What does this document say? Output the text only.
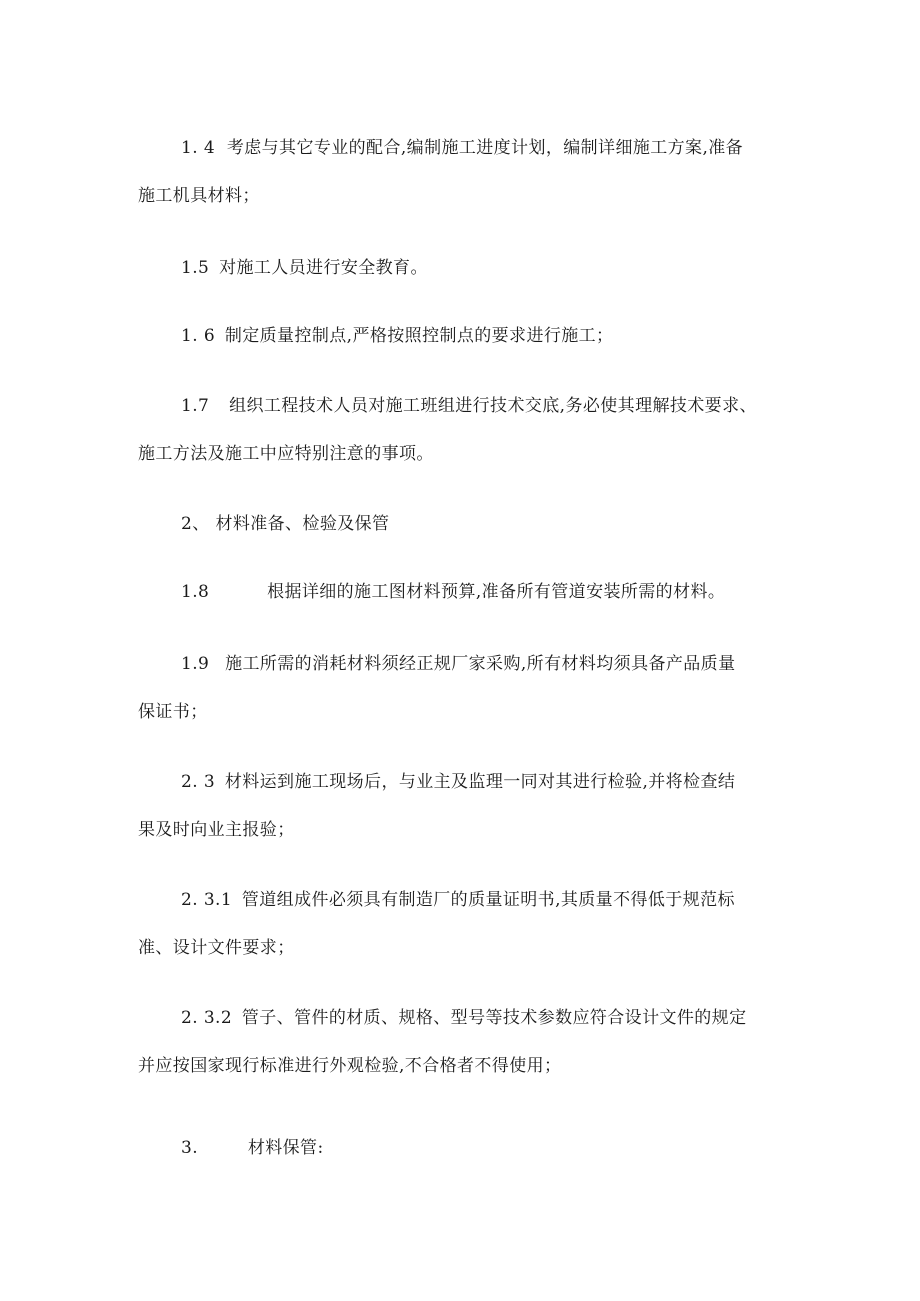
1. 4 考虑与其它专业的配合,编制施工进度计划，编制详细施工方案,准备
施工机具材料；
1.5 对施工人员进行安全教育。
1. 6 制定质量控制点,严格按照控制点的要求进行施工；
1.7 组织工程技术人员对施工班组进行技术交底,务必使其理解技术要求、
施工方法及施工中应特别注意的事项。
2、 材料准备、检验及保管
1.8	根据详细的施工图材料预算,准备所有管道安装所需的材料。
1.9 施工所需的消耗材料须经正规厂家采购,所有材料均须具备产品质量
保证书；
2. 3 材料运到施工现场后，与业主及监理一同对其进行检验,并将检查结
果及时向业主报验；
2. 3.1 管道组成件必须具有制造厂的质量证明书,其质量不得低于规范标
准、设计文件要求；
2. 3.2 管子、管件的材质、规格、型号等技术参数应符合设计文件的规定
并应按国家现行标准进行外观检验,不合格者不得使用；
3.	材料保管:
